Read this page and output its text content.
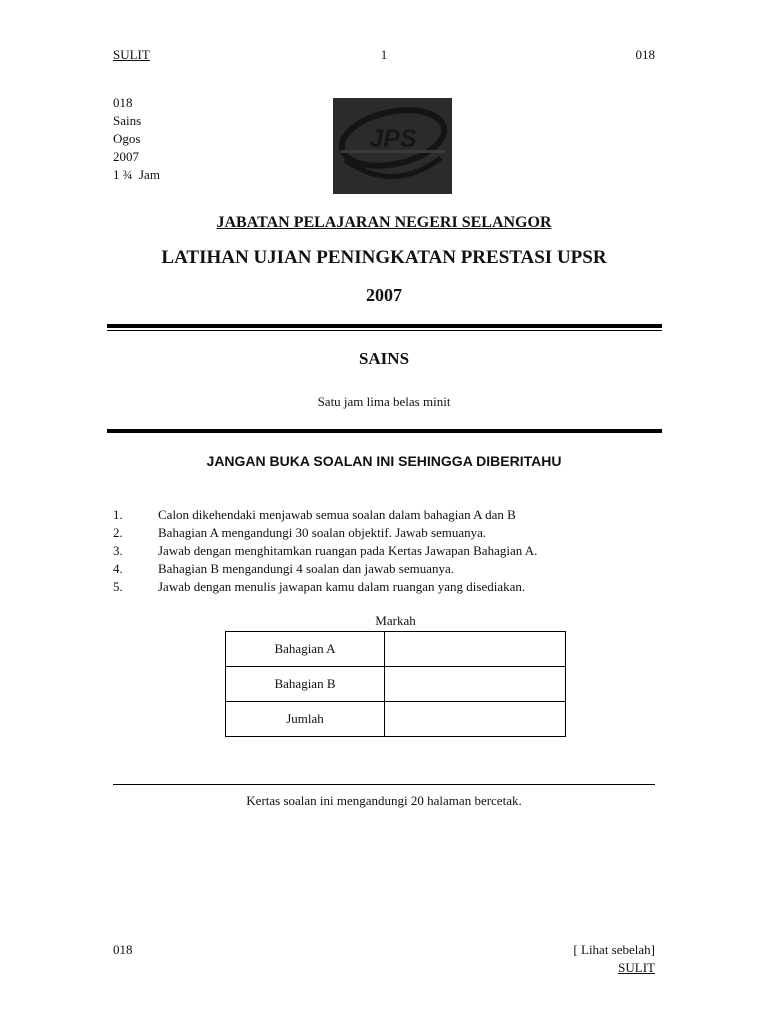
SULIT	1	018
018
Sains
Ogos
2007
1 ¾  Jam
JPS
JABATAN PELAJARAN NEGERI SELANGOR
LATIHAN UJIAN PENINGKATAN PRESTASI UPSR
2007
SAINS
Satu jam lima belas minit
JANGAN BUKA SOALAN INI SEHINGGA DIBERITAHU
1.	Calon dikehendaki menjawab semua soalan dalam bahagian A dan B
2.	Bahagian A mengandungi 30 soalan objektif. Jawab semuanya.
3.	Jawab dengan menghitamkan ruangan pada Kertas Jawapan Bahagian A.
4.	Bahagian B mengandungi 4 soalan dan jawab semuanya.
5.	Jawab dengan menulis jawapan kamu dalam ruangan yang disediakan.
Markah
Bahagian A	
Bahagian B	
Jumlah	
Kertas soalan ini mengandungi 20 halaman bercetak.
018	[ Lihat sebelah]
SULIT
